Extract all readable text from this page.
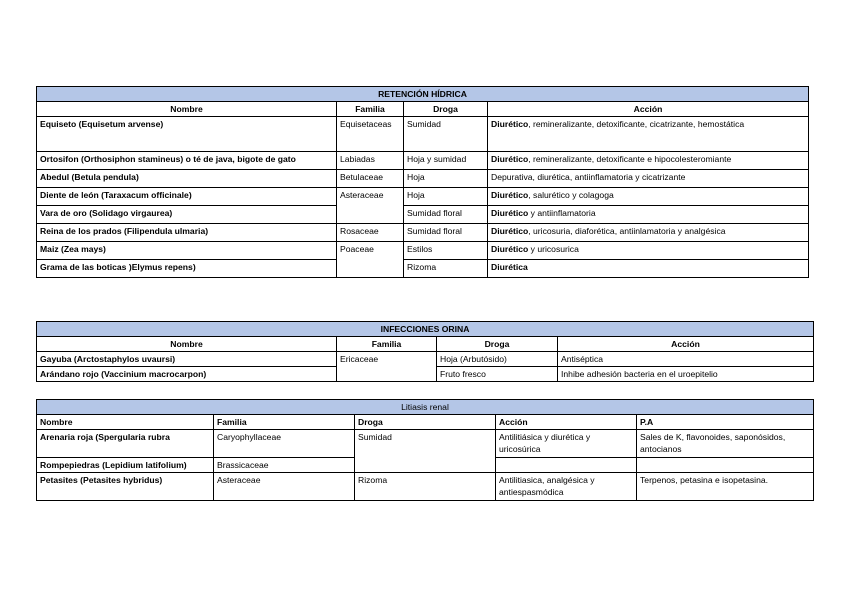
RETENCIÓN HÍDRICA			
Nombre	Familia	Droga	Acción
Equiseto (Equisetum arvense)	Equisetaceas	Sumidad	Diurético, remineralizante, detoxificante, cicatrizante, hemostática
Ortosifon (Orthosiphon stamineus) o té de java, bigote de gato	Labiadas	Hoja y sumidad	Diurético, remineralizante, detoxificante e hipocolesteromiante
Abedul (Betula pendula)	Betulaceae	Hoja	Depurativa, diurética, antiinflamatoria y cicatrizante
Diente de león (Taraxacum officinale)	Asteraceae	Hoja	Diurético, salurético y colagoga
Vara de oro (Solidago virgaurea)		Sumidad floral	Diurético y antiinflamatoria
Reina de los prados (Filipendula ulmaria)	Rosaceae	Sumidad floral	Diurético, uricosuria, diaforética, antiinlamatoria y analgésica
Maiz (Zea mays)	Poaceae	Estilos	Diurético y uricosurica
Grama de las boticas )Elymus repens)		Rizoma	Diurética
INFECCIONES ORINA			
Nombre	Familia	Droga	Acción
Gayuba (Arctostaphylos uvaursi)	Ericaceae	Hoja (Arbutósido)	Antiséptica
Arándano rojo (Vaccinium macrocarpon)		Fruto fresco	Inhibe adhesión bacteria en el uroepitelio
Litiasis renal				
Nombre	Familia	Droga	Acción	P.A
Arenaria roja (Spergularia rubra	Caryophyllaceae	Sumidad	Antilitiásica y diurética y uricosúrica	Sales de K, flavonoides, saponósidos, antocianos
Rompepiedras (Lepidium latifolium)	Brassicaceae			
Petasites (Petasites hybridus)	Asteraceae	Rizoma	Antilitiasica, analgésica y antiespasmódica	Terpenos, petasina e isopetasina.
